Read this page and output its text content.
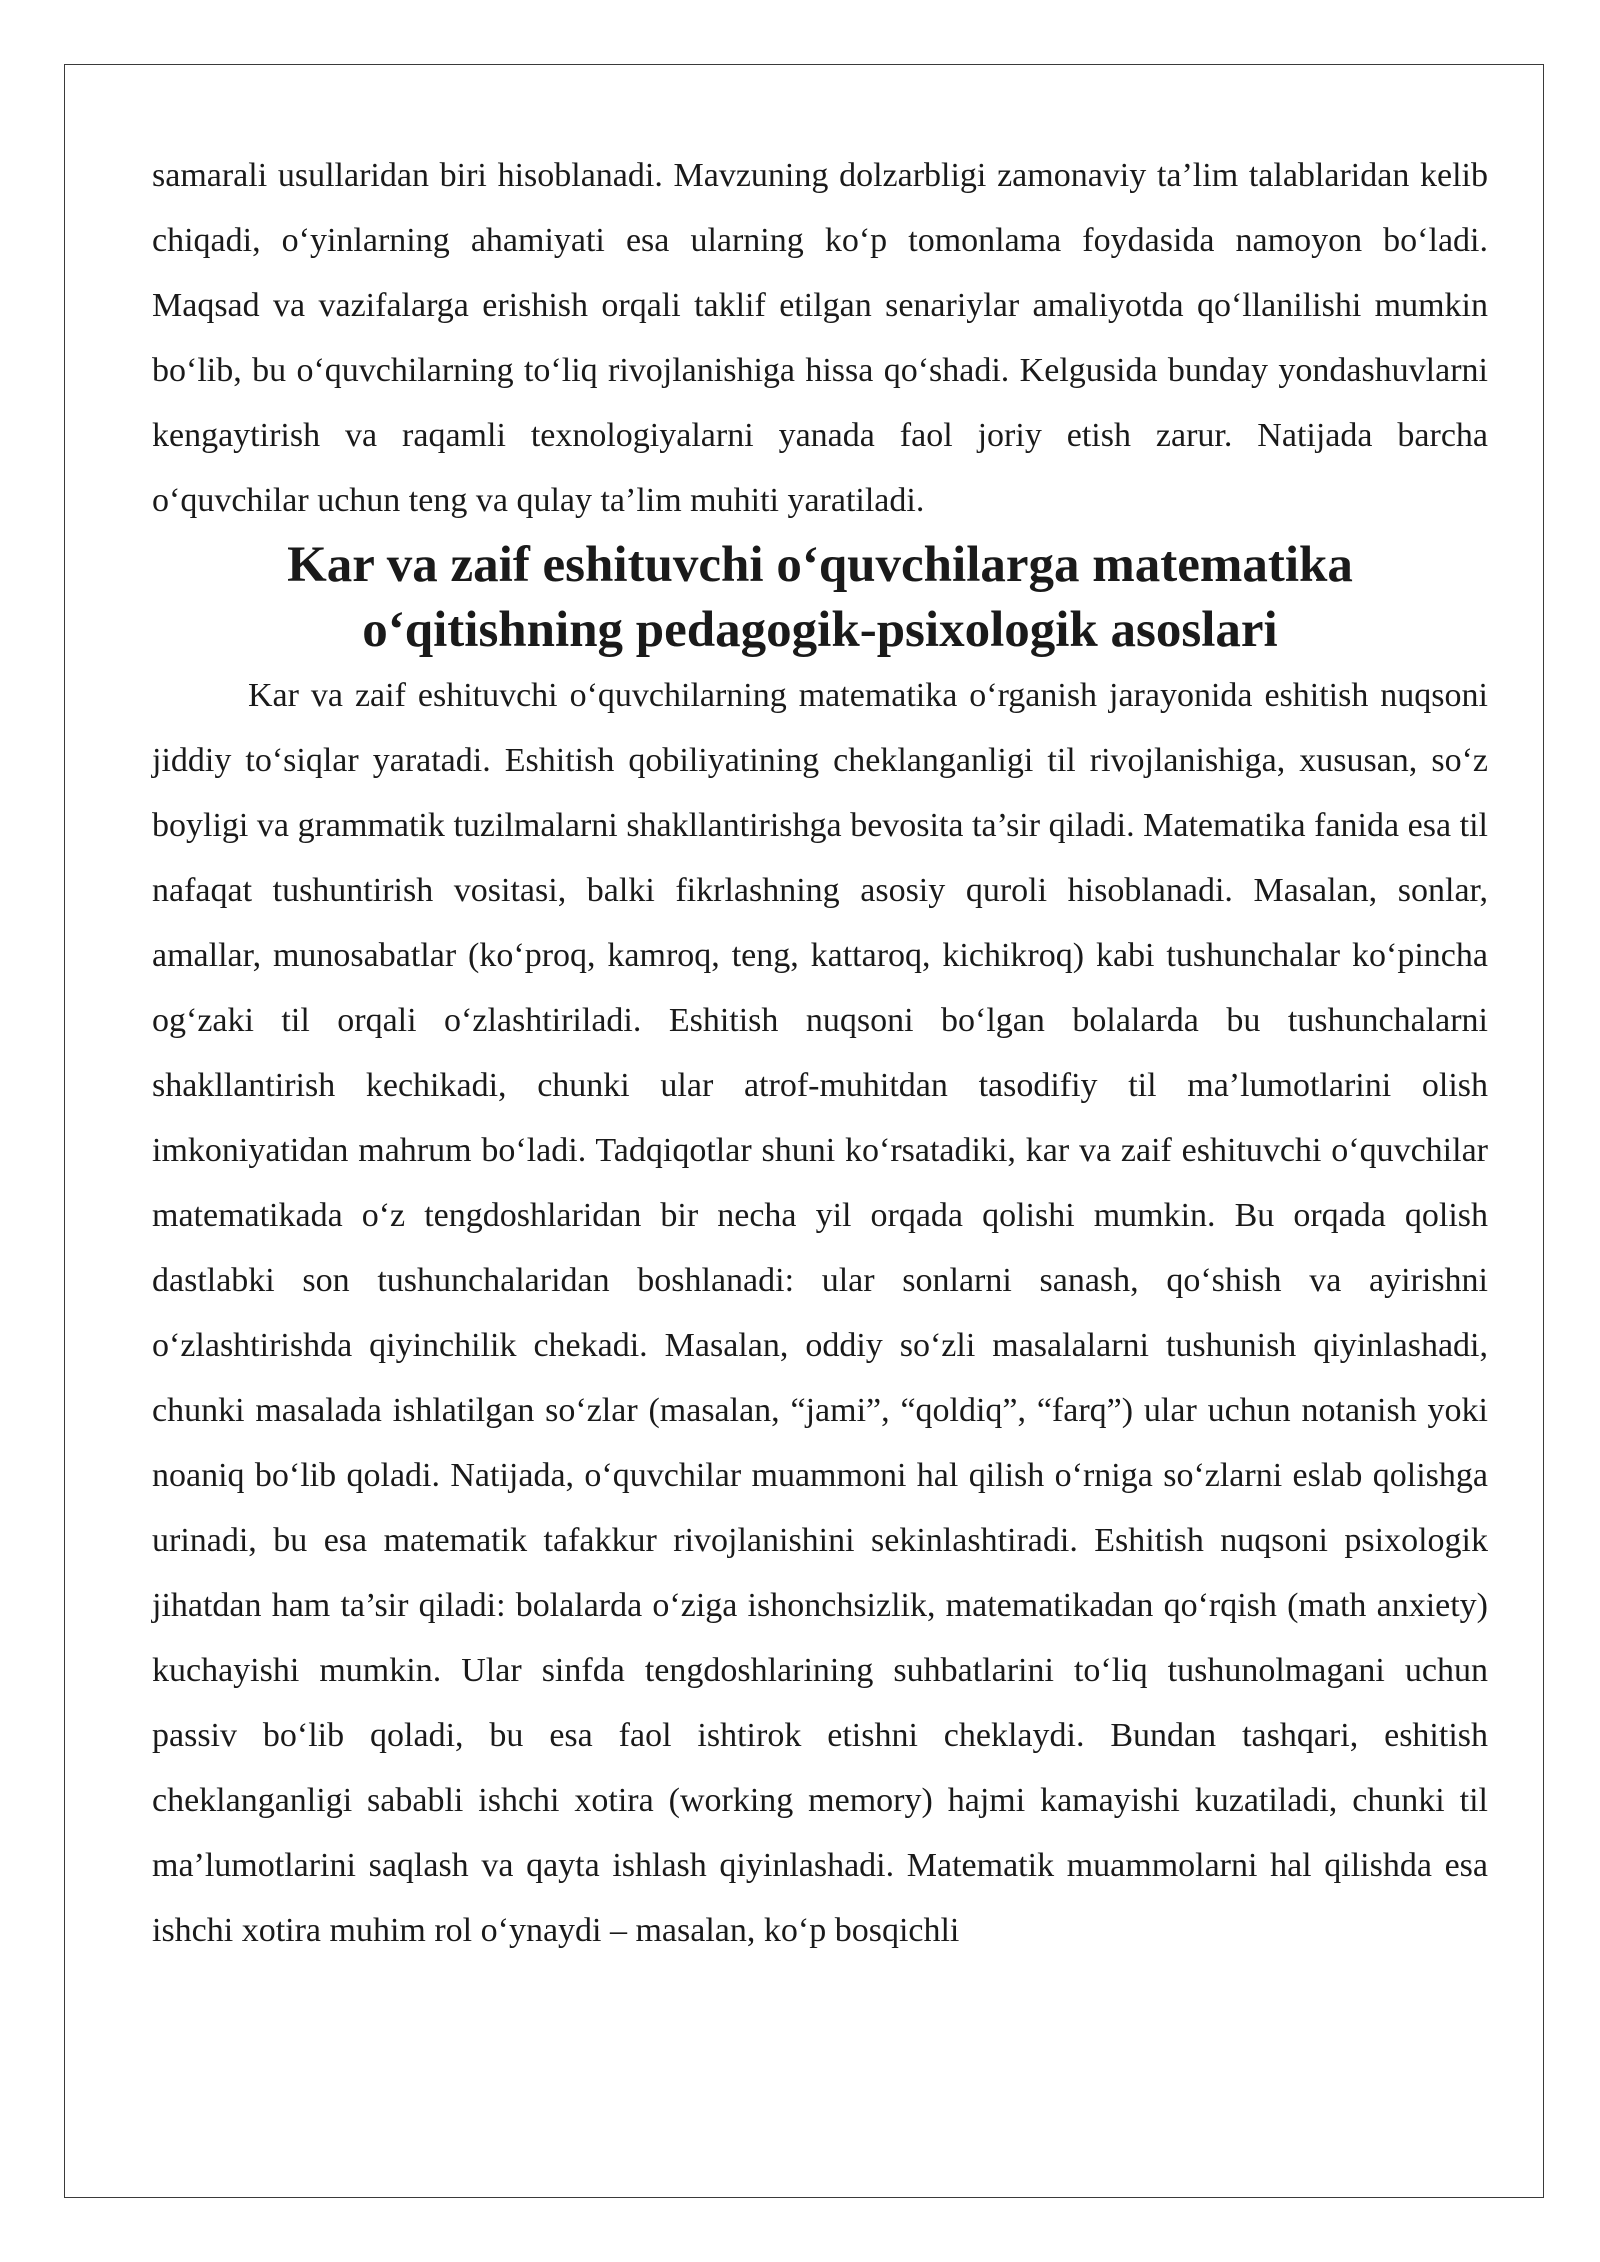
samarali usullaridan biri hisoblanadi. Mavzuning dolzarbligi zamonaviy ta’lim talablaridan kelib chiqadi, o‘yinlarning ahamiyati esa ularning ko‘p tomonlama foydasida namoyon bo‘ladi. Maqsad va vazifalarga erishish orqali taklif etilgan senariylar amaliyotda qo‘llanilishi mumkin bo‘lib, bu o‘quvchilarning to‘liq rivojlanishiga hissa qo‘shadi. Kelgusida bunday yondashuvlarni kengaytirish va raqamli texnologiyalarni yanada faol joriy etish zarur. Natijada barcha o‘quvchilar uchun teng va qulay ta’lim muhiti yaratiladi.

Kar va zaif eshituvchi o‘quvchilarga matematika o‘qitishning pedagogik-psixologik asoslari

Kar va zaif eshituvchi o‘quvchilarning matematika o‘rganish jarayonida eshitish nuqsoni jiddiy to‘siqlar yaratadi. Eshitish qobiliyatining cheklanganligi til rivojlanishiga, xususan, so‘z boyligi va grammatik tuzilmalarni shakllantirishga bevosita ta’sir qiladi. Matematika fanida esa til nafaqat tushuntirish vositasi, balki fikrlashning asosiy quroli hisoblanadi. Masalan, sonlar, amallar, munosabatlar (ko‘proq, kamroq, teng, kattaroq, kichikroq) kabi tushunchalar ko‘pincha og‘zaki til orqali o‘zlashtiriladi. Eshitish nuqsoni bo‘lgan bolalarda bu tushunchalarni shakllantirish kechikadi, chunki ular atrof-muhitdan tasodifiy til ma’lumotlarini olish imkoniyatidan mahrum bo‘ladi. Tadqiqotlar shuni ko‘rsatadiki, kar va zaif eshituvchi o‘quvchilar matematikada o‘z tengdoshlaridan bir necha yil orqada qolishi mumkin. Bu orqada qolish dastlabki son tushunchalaridan boshlanadi: ular sonlarni sanash, qo‘shish va ayirishni o‘zlashtirishda qiyinchilik chekadi. Masalan, oddiy so‘zli masalalarni tushunish qiyinlashadi, chunki masalada ishlatilgan so‘zlar (masalan, “jami”, “qoldiq”, “farq”) ular uchun notanish yoki noaniq bo‘lib qoladi. Natijada, o‘quvchilar muammoni hal qilish o‘rniga so‘zlarni eslab qolishga urinadi, bu esa matematik tafakkur rivojlanishini sekinlashtiradi. Eshitish nuqsoni psixologik jihatdan ham ta’sir qiladi: bolalarda o‘ziga ishonchsizlik, matematikadan qo‘rqish (math anxiety) kuchayishi mumkin. Ular sinfda tengdoshlarining suhbatlarini to‘liq tushunolmagani uchun passiv bo‘lib qoladi, bu esa faol ishtirok etishni cheklaydi. Bundan tashqari, eshitish cheklanganligi sababli ishchi xotira (working memory) hajmi kamayishi kuzatiladi, chunki til ma’lumotlarini saqlash va qayta ishlash qiyinlashadi. Matematik muammolarni hal qilishda esa ishchi xotira muhim rol o‘ynaydi – masalan, ko‘p bosqichli
